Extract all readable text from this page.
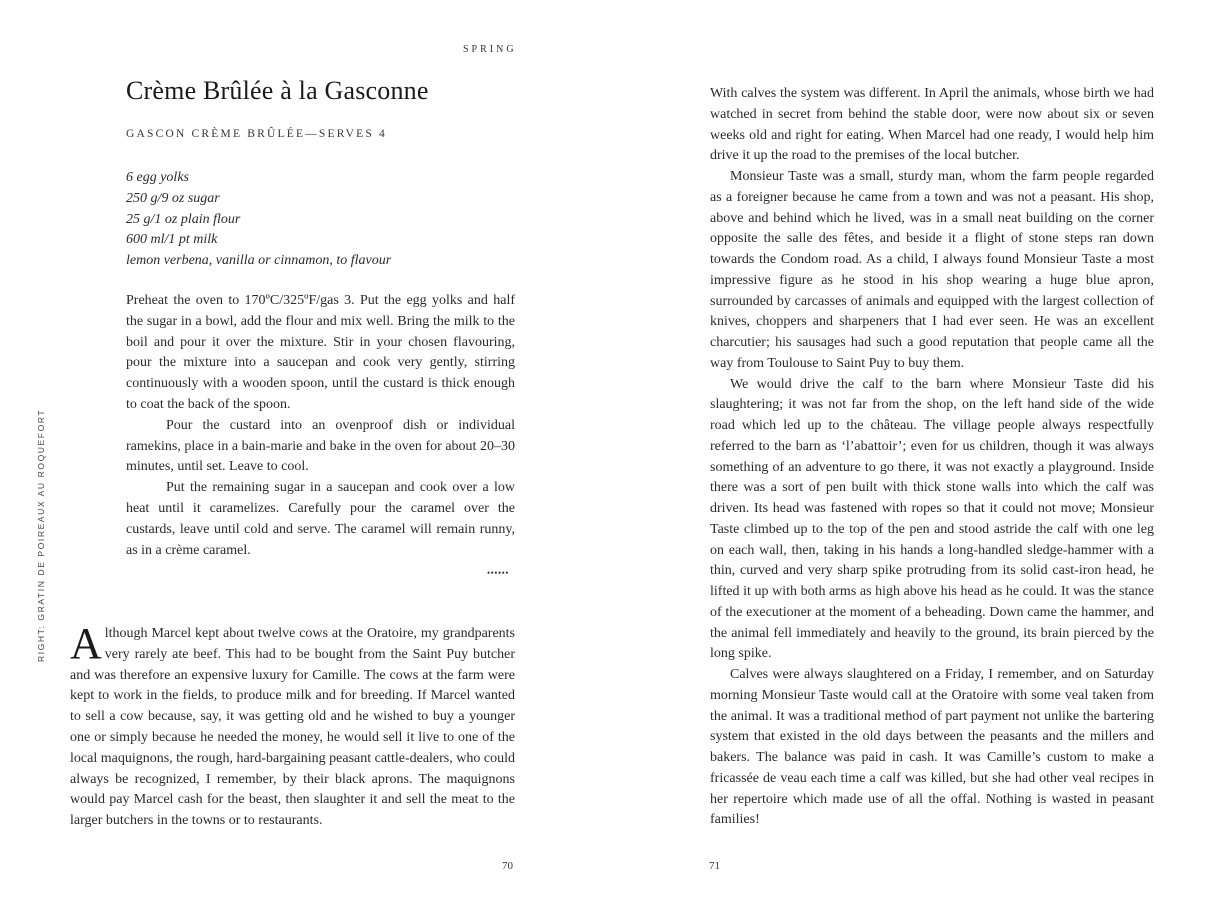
SPRING
Crème Brûlée à la Gasconne
GASCON CRÈME BRÛLÉE—SERVES 4
6 egg yolks
250 g/9 oz sugar
25 g/1 oz plain flour
600 ml/1 pt milk
lemon verbena, vanilla or cinnamon, to flavour

Preheat the oven to 170ºC/325ºF/gas 3. Put the egg yolks and half the sugar in a bowl, add the flour and mix well. Bring the milk to the boil and pour it over the mixture. Stir in your chosen flavouring, pour the mixture into a saucepan and cook very gently, stirring continuously with a wooden spoon, until the custard is thick enough to coat the back of the spoon.

Pour the custard into an ovenproof dish or individual ramekins, place in a bain-marie and bake in the oven for about 20–30 minutes, until set. Leave to cool.

Put the remaining sugar in a saucepan and cook over a low heat until it caramelizes. Carefully pour the caramel over the custards, leave until cold and serve. The caramel will remain runny, as in a crème caramel.

••••••

Although Marcel kept about twelve cows at the Oratoire, my grandparents very rarely ate beef. This had to be bought from the Saint Puy butcher and was therefore an expensive luxury for Camille. The cows at the farm were kept to work in the fields, to produce milk and for breeding. If Marcel wanted to sell a cow because, say, it was getting old and he wished to buy a younger one or simply because he needed the money, he would sell it live to one of the local maquignons, the rough, hard-bargaining peasant cattle-dealers, who could always be recognized, I remember, by their black aprons. The maquignons would pay Marcel cash for the beast, then slaughter it and sell the meat to the larger butchers in the towns or to restaurants.

RIGHT: GRATIN DE POIREAUX AU ROQUEFORT
70

With calves the system was different. In April the animals, whose birth we had watched in secret from behind the stable door, were now about six or seven weeks old and right for eating. When Marcel had one ready, I would help him drive it up the road to the premises of the local butcher.

Monsieur Taste was a small, sturdy man, whom the farm people regarded as a foreigner because he came from a town and was not a peasant. His shop, above and behind which he lived, was in a small neat building on the corner opposite the salle des fêtes, and beside it a flight of stone steps ran down towards the Condom road. As a child, I always found Monsieur Taste a most impressive figure as he stood in his shop wearing a huge blue apron, surrounded by carcasses of animals and equipped with the largest collection of knives, choppers and sharpeners that I had ever seen. He was an excellent charcutier; his sausages had such a good reputation that people came all the way from Toulouse to Saint Puy to buy them.

We would drive the calf to the barn where Monsieur Taste did his slaughtering; it was not far from the shop, on the left hand side of the wide road which led up to the château. The village people always respectfully referred to the barn as ‘l’abattoir’; even for us children, though it was always something of an adventure to go there, it was not exactly a playground. Inside there was a sort of pen built with thick stone walls into which the calf was driven. Its head was fastened with ropes so that it could not move; Monsieur Taste climbed up to the top of the pen and stood astride the calf with one leg on each wall, then, taking in his hands a long-handled sledge-hammer with a thin, curved and very sharp spike protruding from its solid cast-iron head, he lifted it up with both arms as high above his head as he could. It was the stance of the executioner at the moment of a beheading. Down came the hammer, and the animal fell immediately and heavily to the ground, its brain pierced by the long spike.

Calves were always slaughtered on a Friday, I remember, and on Saturday morning Monsieur Taste would call at the Oratoire with some veal taken from the animal. It was a traditional method of part payment not unlike the bartering system that existed in the old days between the peasants and the millers and bakers. The balance was paid in cash. It was Camille’s custom to make a fricassée de veau each time a calf was killed, but she had other veal recipes in her repertoire which made use of all the offal. Nothing is wasted in peasant families!

71
